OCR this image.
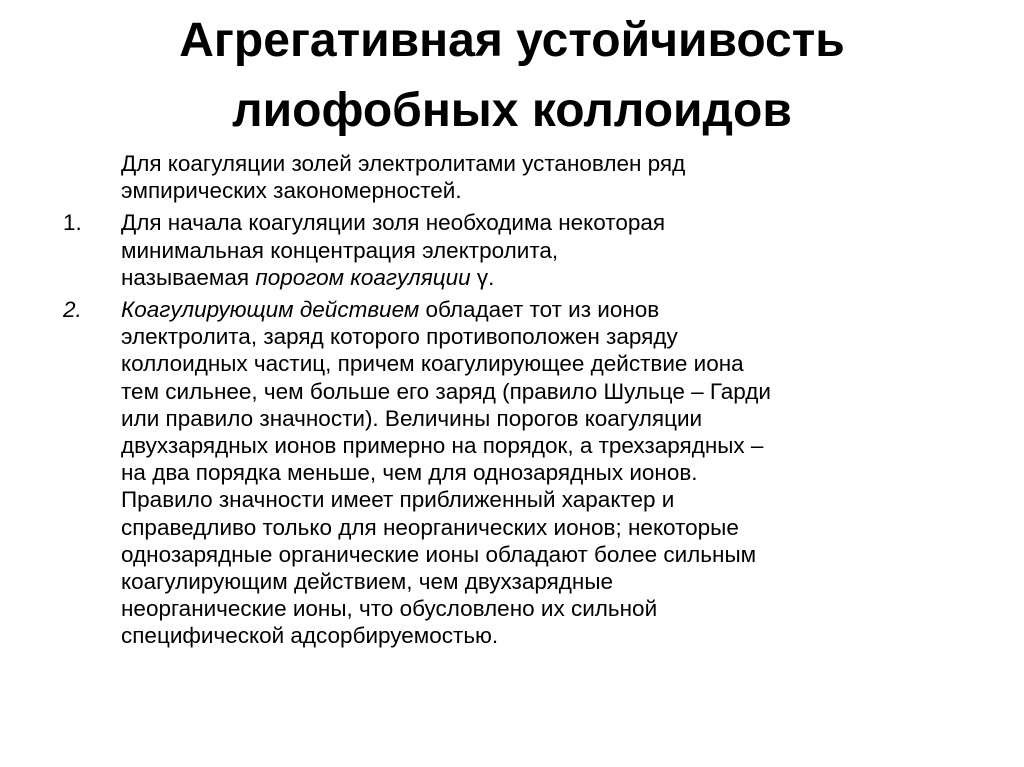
Агрегативная устойчивость
лиофобных коллоидов
Для коагуляции золей электролитами установлен ряд
эмпирических закономерностей.
1. Для начала коагуляции золя необходима некоторая
минимальная концентрация электролита,
называемая порогом коагуляции γ.
2. Коагулирующим действием обладает тот из ионов
электролита, заряд которого противоположен заряду
коллоидных частиц, причем коагулирующее действие иона
тем сильнее, чем больше его заряд (правило Шульце – Гарди
или правило значности). Величины порогов коагуляции
двухзарядных ионов примерно на порядок, а трехзарядных –
на два порядка меньше, чем для однозарядных ионов.
Правило значности имеет приближенный характер и
справедливо только для неорганических ионов; некоторые
однозарядные органические ионы обладают более сильным
коагулирующим действием, чем двухзарядные
неорганические ионы, что обусловлено их сильной
специфической адсорбируемостью.
